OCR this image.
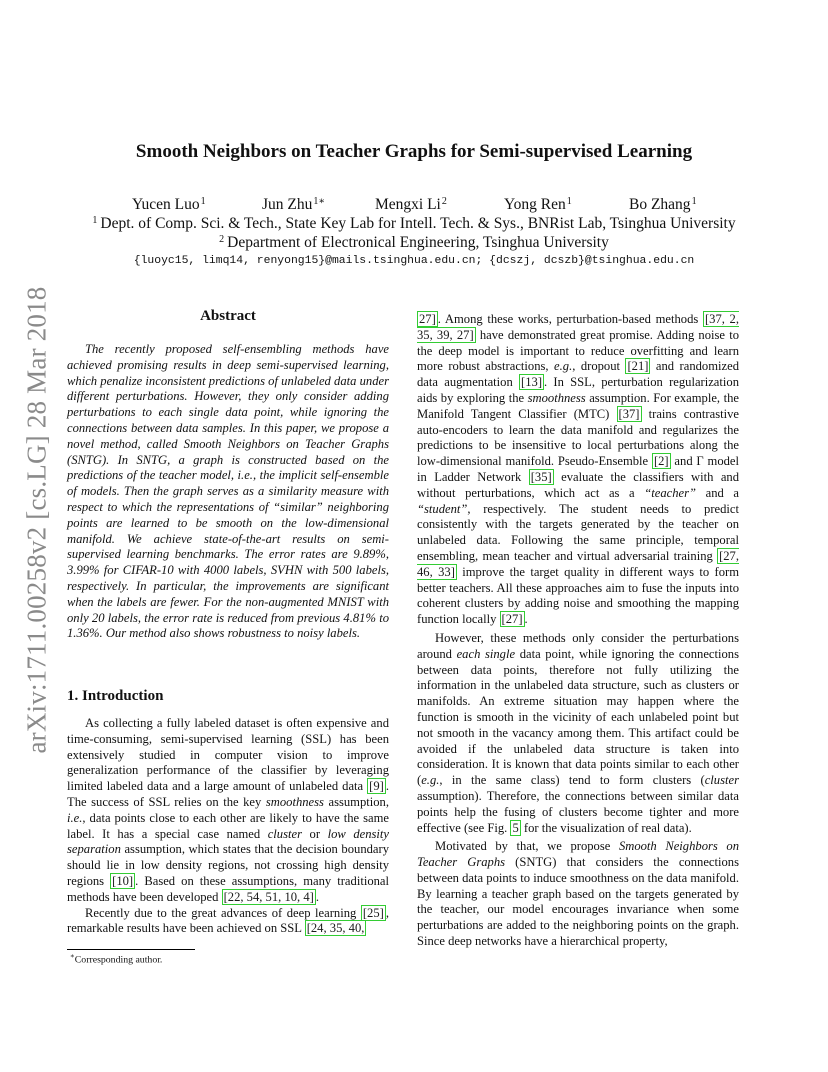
arXiv:1711.00258v2 [cs.LG] 28 Mar 2018
Smooth Neighbors on Teacher Graphs for Semi-supervised Learning
Yucen Luo$^1$	Jun Zhu$^{1∗}$	Mengxi Li$^2$	Yong Ren$^1$	Bo Zhang$^1$
$^1$ Dept. of Comp. Sci. & Tech., State Key Lab for Intell. Tech. & Sys., BNRist Lab, Tsinghua University
$^2$ Department of Electronical Engineering, Tsinghua University
{luoyc15, limq14, renyong15}@mails.tsinghua.edu.cn; {dcszj, dcszb}@tsinghua.edu.cn
Abstract

The recently proposed self-ensembling methods have achieved promising results in deep semi-supervised learning, which penalize inconsistent predictions of unlabeled data under different perturbations. However, they only consider adding perturbations to each single data point, while ignoring the connections between data samples. In this paper, we propose a novel method, called Smooth Neighbors on Teacher Graphs (SNTG). In SNTG, a graph is constructed based on the predictions of the teacher model, i.e., the implicit self-ensemble of models. Then the graph serves as a similarity measure with respect to which the representations of “similar” neighboring points are learned to be smooth on the low-dimensional manifold. We achieve state-of-the-art results on semi-supervised learning benchmarks. The error rates are 9.89%, 3.99% for CIFAR-10 with 4000 labels, SVHN with 500 labels, respectively. In particular, the improvements are significant when the labels are fewer. For the non-augmented MNIST with only 20 labels, the error rate is reduced from previous 4.81% to 1.36%. Our method also shows robustness to noisy labels.

1. Introduction

As collecting a fully labeled dataset is often expensive and time-consuming, semi-supervised learning (SSL) has been extensively studied in computer vision to improve generalization performance of the classifier by leveraging limited labeled data and a large amount of unlabeled data [9] . The success of SSL relies on the key smoothness assumption, i.e., data points close to each other are likely to have the same label. It has a special case named cluster or low density separation assumption, which states that the decision boundary should lie in low density regions, not crossing high density regions [10] . Based on these assumptions, many traditional methods have been developed [22, 54, 51, 10, 4] .

Recently due to the great advances of deep learning [25] , remarkable results have been achieved on SSL [24, 35, 40,

27] . Among these works, perturbation-based methods [37, 2, 35, 39, 27] have demonstrated great promise. Adding noise to the deep model is important to reduce overfitting and learn more robust abstractions, e.g., dropout [21] and randomized data augmentation [13] . In SSL, perturbation regularization aids by exploring the smoothness assumption. For example, the Manifold Tangent Classifier (MTC) [37] trains contrastive auto-encoders to learn the data manifold and regularizes the predictions to be insensitive to local perturbations along the low-dimensional manifold. Pseudo-Ensemble [2] and Γ model in Ladder Network [35] evaluate the classifiers with and without perturbations, which act as a “teacher” and a “student”, respectively. The student needs to predict consistently with the targets generated by the teacher on unlabeled data. Following the same principle, temporal ensembling, mean teacher and virtual adversarial training [27, 46, 33] improve the target quality in different ways to form better teachers. All these approaches aim to fuse the inputs into coherent clusters by adding noise and smoothing the mapping function locally [27] .

However, these methods only consider the perturbations around each single data point, while ignoring the connections between data points, therefore not fully utilizing the information in the unlabeled data structure, such as clusters or manifolds. An extreme situation may happen where the function is smooth in the vicinity of each unlabeled point but not smooth in the vacancy among them. This artifact could be avoided if the unlabeled data structure is taken into consideration. It is known that data points similar to each other (e.g., in the same class) tend to form clusters (cluster assumption). Therefore, the connections between similar data points help the fusing of clusters become tighter and more effective (see Fig. 5 for the visualization of real data).

Motivated by that, we propose Smooth Neighbors on Teacher Graphs (SNTG) that considers the connections between data points to induce smoothness on the data manifold. By learning a teacher graph based on the targets generated by the teacher, our model encourages invariance when some perturbations are added to the neighboring points on the graph. Since deep networks have a hierarchical property,

∗Corresponding author.
